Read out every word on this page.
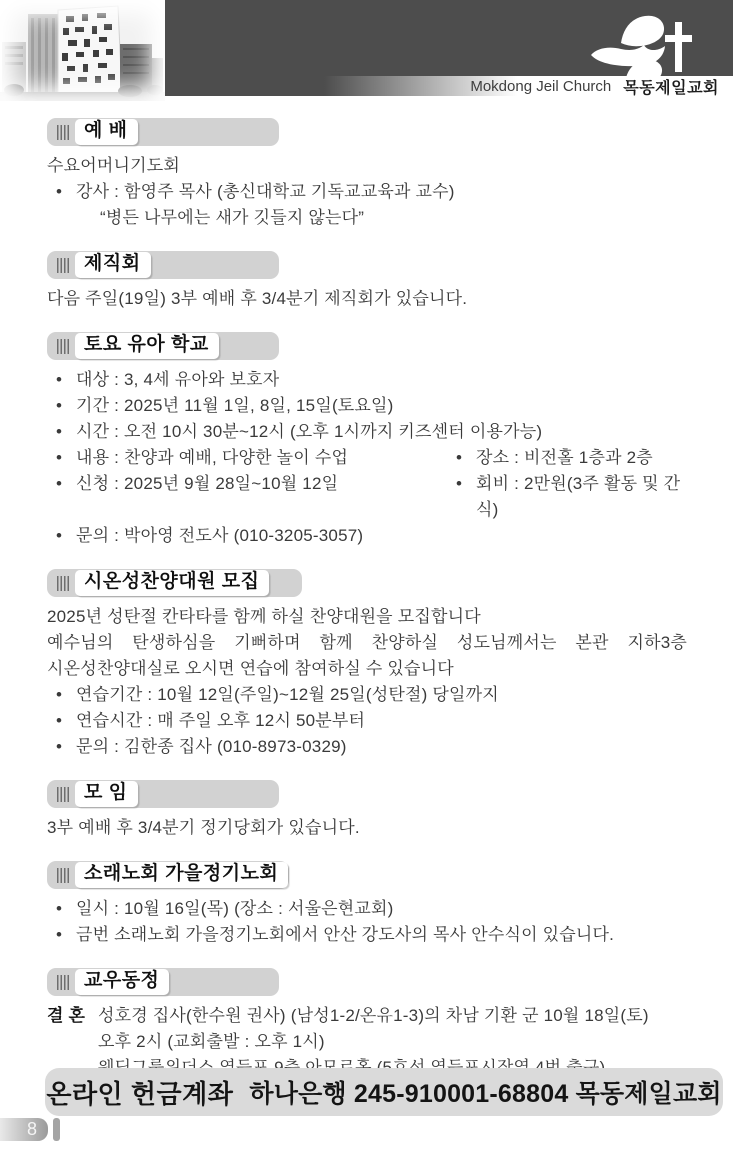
Mokdong Jeil Church 목동제일교회
예 배
수요어머니기도회
• 강사 : 함영주 목사 (총신대학교 기독교교육과 교수)
“병든 나무에는 새가 깃들지 않는다”
제직회
다음 주일(19일) 3부 예배 후 3/4분기 제직회가 있습니다.
토요 유아 학교
• 대상 : 3, 4세 유아와 보호자
• 기간 : 2025년 11월 1일, 8일, 15일(토요일)
• 시간 : 오전 10시 30분~12시 (오후 1시까지 키즈센터 이용가능)
• 내용 : 찬양과 예배, 다양한 놀이 수업	• 장소 : 비전홀 1층과 2층
• 신청 : 2025년 9월 28일~10월 12일	• 회비 : 2만원(3주 활동 및 간식)
• 문의 : 박아영 전도사 (010-3205-3057)
시온성찬양대원 모집
2025년 성탄절 칸타타를 함께 하실 찬양대원을 모집합니다
예수님의 탄생하심을 기뻐하며 함께 찬양하실 성도님께서는 본관 지하3층
시온성찬양대실로 오시면 연습에 참여하실 수 있습니다
• 연습기간 : 10월 12일(주일)~12월 25일(성탄절) 당일까지
• 연습시간 : 매 주일 오후 12시 50분부터
• 문의 : 김한종 집사 (010-8973-0329)
모 임
3부 예배 후 3/4분기 정기당회가 있습니다.
소래노회 가을정기노회
• 일시 : 10월 16일(목) (장소 : 서울은현교회)
• 금번 소래노회 가을정기노회에서 안산 강도사의 목사 안수식이 있습니다.
교우동정
결 혼 성호경 집사(한수원 권사) (남성1-2/온유1-3)의 차남 기환 군 10월 18일(토)
오후 2시 (교회출발 : 오후 1시)
온라인 헌금계좌 하나은행 245-910001-68804 목동제일교회
8
